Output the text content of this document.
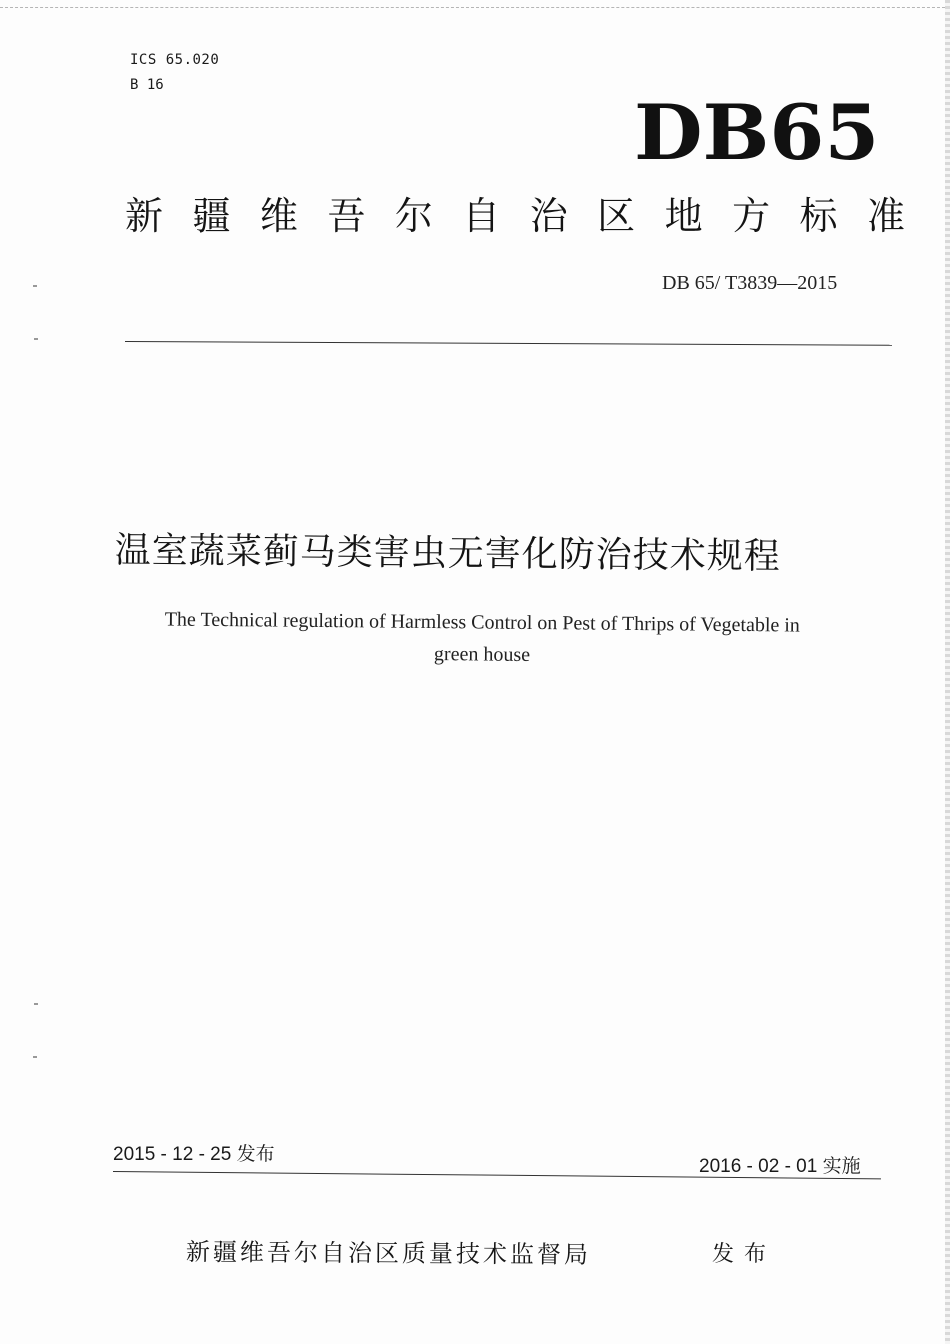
ICS 65.020
B 16
DB65
新 疆 维 吾 尔 自 治 区 地 方 标 准
DB 65/ T3839—2015
温室蔬菜蓟马类害虫无害化防治技术规程
The Technical regulation of Harmless Control on Pest of Thrips of Vegetable in
green house
2015 - 12 - 25 发布
2016 - 02 - 01 实施
新疆维吾尔自治区质量技术监督局	发布
